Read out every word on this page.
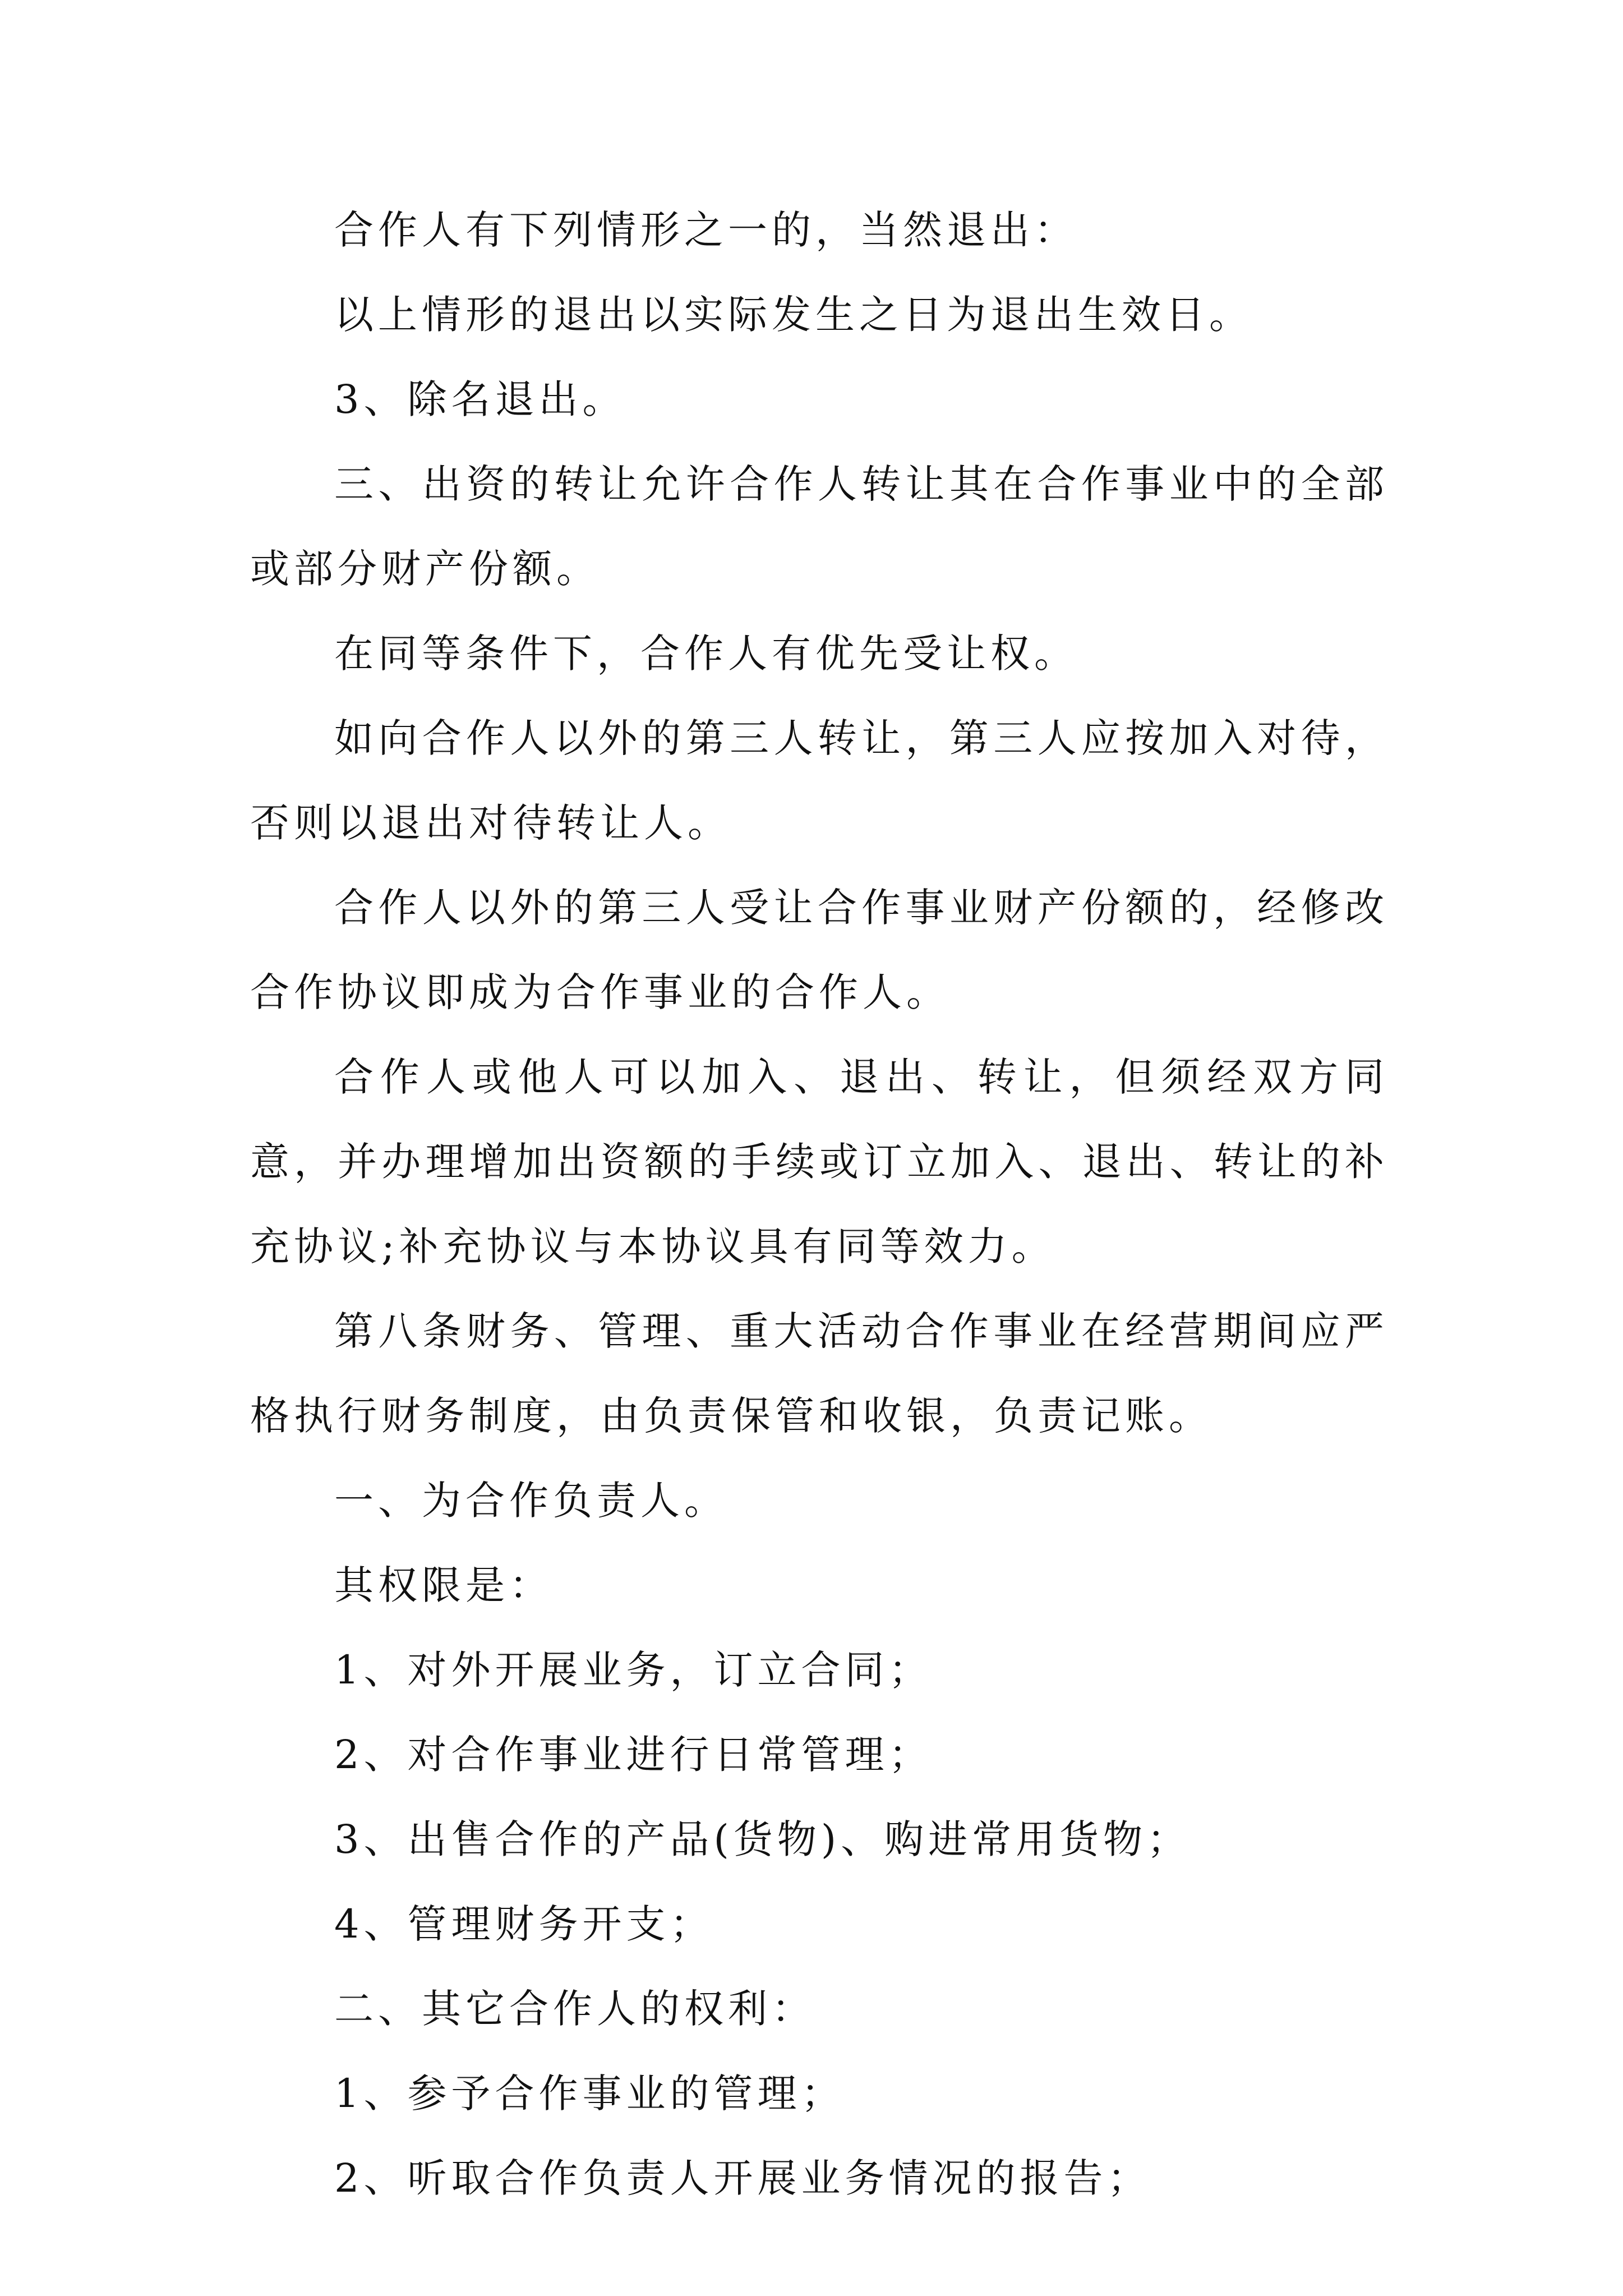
合作人有下列情形之一的，当然退出：

以上情形的退出以实际发生之日为退出生效日。

3、除名退出。

三、出资的转让允许合作人转让其在合作事业中的全部或部分财产份额。

在同等条件下，合作人有优先受让权。

如向合作人以外的第三人转让，第三人应按加入对待，否则以退出对待转让人。

合作人以外的第三人受让合作事业财产份额的，经修改合作协议即成为合作事业的合作人。

合作人或他人可以加入、退出、转让，但须经双方同意，并办理增加出资额的手续或订立加入、退出、转让的补充协议;补充协议与本协议具有同等效力。

第八条财务、管理、重大活动合作事业在经营期间应严格执行财务制度，由负责保管和收银，负责记账。

一、为合作负责人。

其权限是：

1、对外开展业务，订立合同；

2、对合作事业进行日常管理；

3、出售合作的产品(货物)、购进常用货物；

4、管理财务开支；

二、其它合作人的权利：

1、参予合作事业的管理；

2、听取合作负责人开展业务情况的报告；
